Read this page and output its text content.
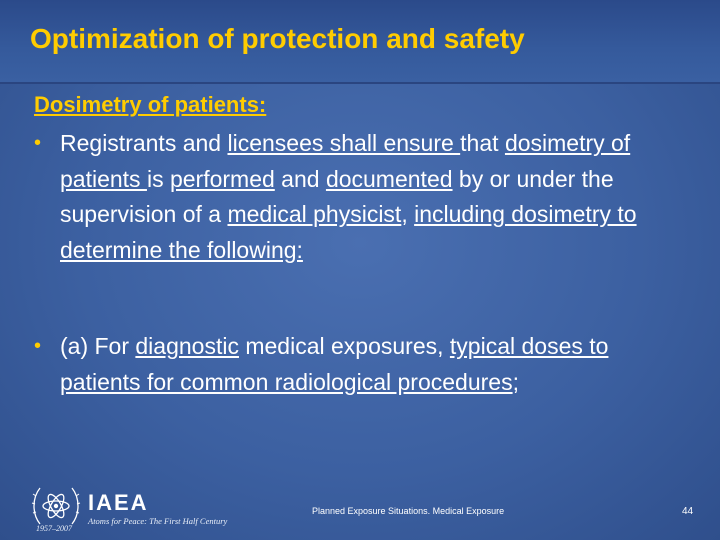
Optimization of protection and safety
Dosimetry of patients:
• Registrants and licensees shall ensure that dosimetry of patients is performed and documented by or under the supervision of a medical physicist, including dosimetry to determine the following:
• (a) For diagnostic medical exposures, typical doses to patients for common radiological procedures;
IAEA
Atoms for Peace: The First Half Century
1957–2007
Planned Exposure Situations. Medical Exposure	44
